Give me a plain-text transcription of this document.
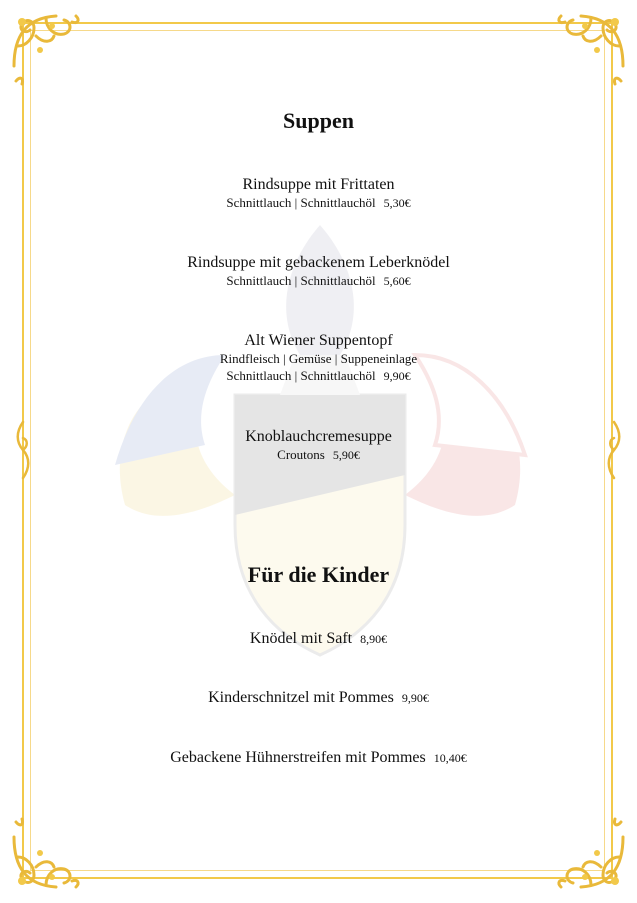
Suppen
Rindsuppe mit Frittaten
Schnittlauch | Schnittlauchöl 5,30€
Rindsuppe mit gebackenem Leberknödel
Schnittlauch | Schnittlauchöl 5,60€
Alt Wiener Suppentopf
Rindfleisch | Gemüse | Suppeneinlage
Schnittlauch | Schnittlauchöl 9,90€
Knoblauchcremesuppe
Croutons 5,90€
Für die Kinder
Knödel mit Saft 8,90€
Kinderschnitzel mit Pommes 9,90€
Gebackene Hühnerstreifen mit Pommes 10,40€
